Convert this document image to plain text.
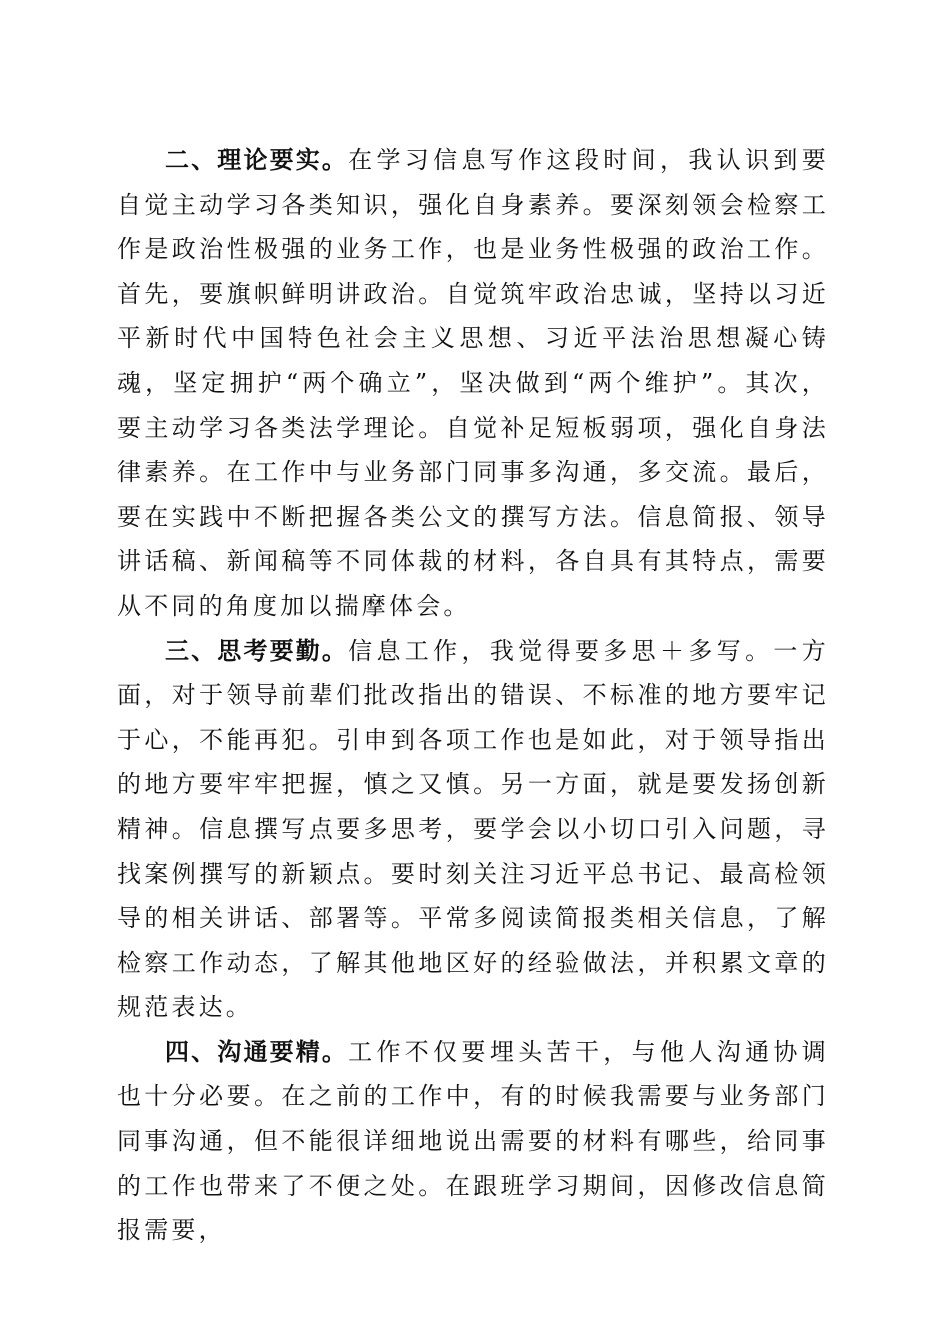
二、理论要实。在学习信息写作这段时间，我认识到要自觉主动学习各类知识，强化自身素养。要深刻领会检察工作是政治性极强的业务工作，也是业务性极强的政治工作。首先，要旗帜鲜明讲政治。自觉筑牢政治忠诚，坚持以习近平新时代中国特色社会主义思想、习近平法治思想凝心铸魂，坚定拥护“两个确立”，坚决做到“两个维护”。其次，要主动学习各类法学理论。自觉补足短板弱项，强化自身法律素养。在工作中与业务部门同事多沟通，多交流。最后，要在实践中不断把握各类公文的撰写方法。信息简报、领导讲话稿、新闻稿等不同体裁的材料，各自具有其特点，需要从不同的角度加以揣摩体会。

三、思考要勤。信息工作，我觉得要多思＋多写。一方面，对于领导前辈们批改指出的错误、不标准的地方要牢记于心，不能再犯。引申到各项工作也是如此，对于领导指出的地方要牢牢把握，慎之又慎。另一方面，就是要发扬创新精神。信息撰写点要多思考，要学会以小切口引入问题，寻找案例撰写的新颖点。要时刻关注习近平总书记、最高检领导的相关讲话、部署等。平常多阅读简报类相关信息，了解检察工作动态，了解其他地区好的经验做法，并积累文章的规范表达。

四、沟通要精。工作不仅要埋头苦干，与他人沟通协调也十分必要。在之前的工作中，有的时候我需要与业务部门同事沟通，但不能很详细地说出需要的材料有哪些，给同事的工作也带来了不便之处。在跟班学习期间，因修改信息简报需要，
